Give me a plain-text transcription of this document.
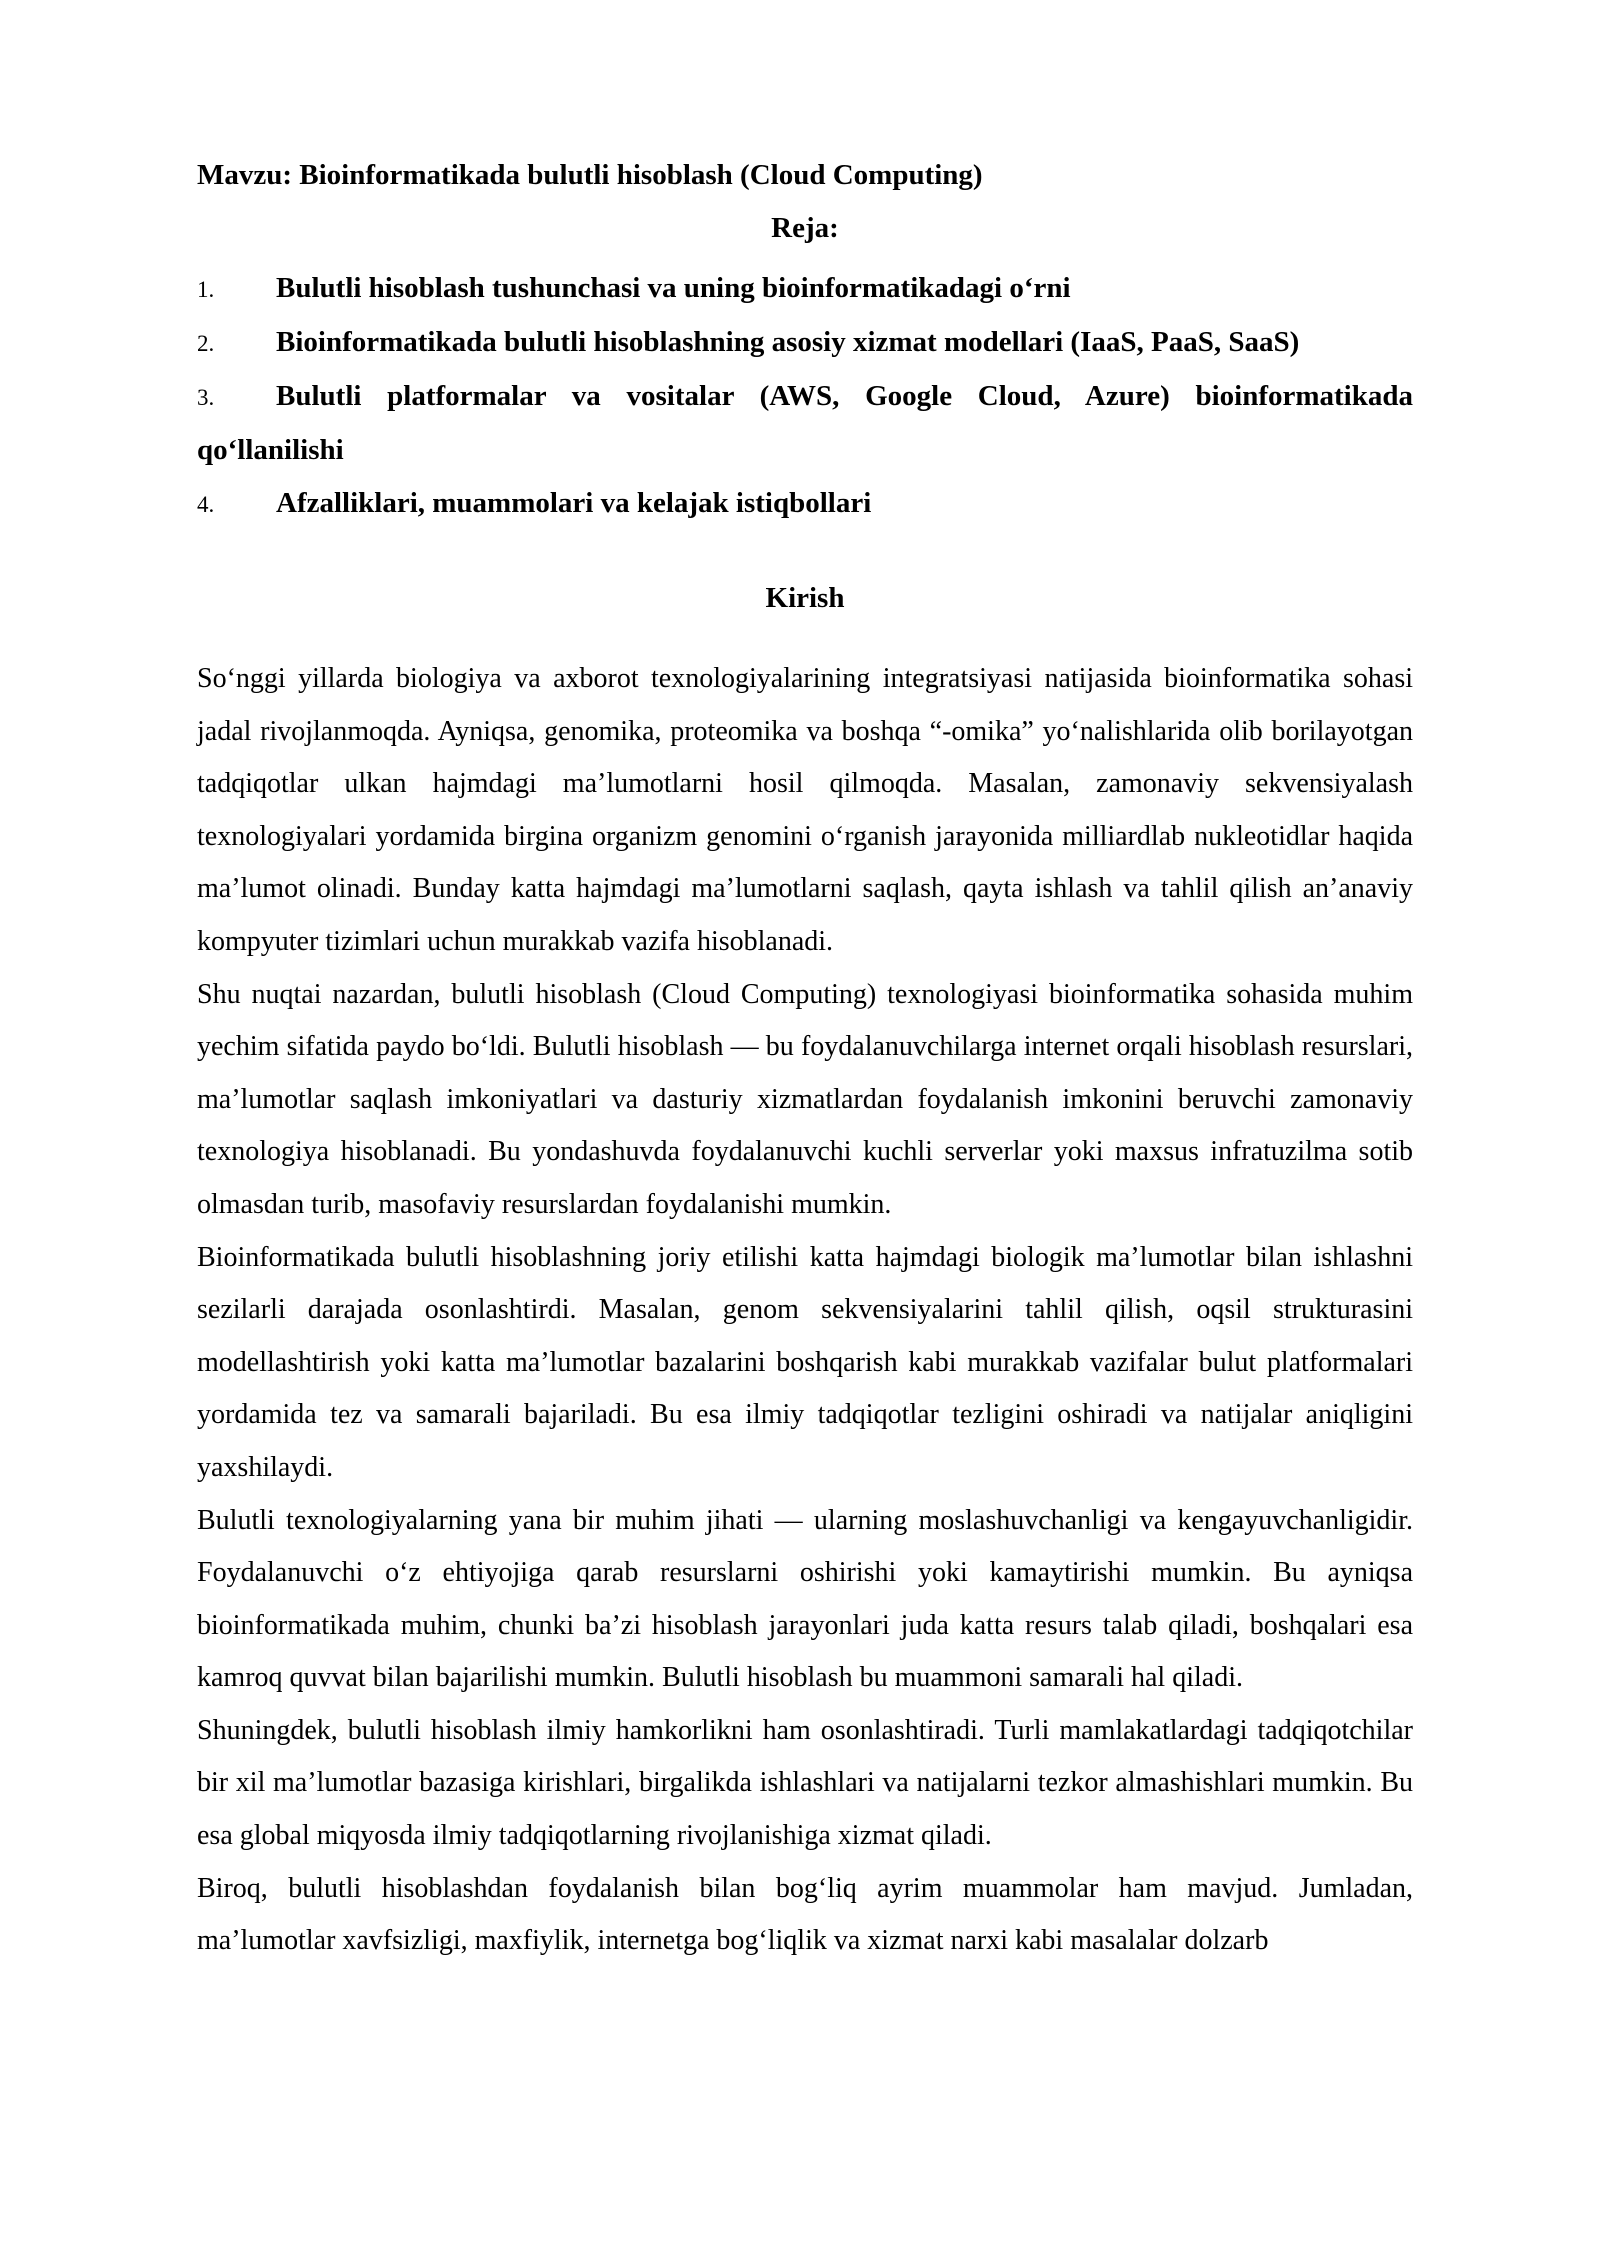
Mavzu: Bioinformatikada bulutli hisoblash (Cloud Computing)
Reja:
1. Bulutli hisoblash tushunchasi va uning bioinformatikadagi o‘rni
2. Bioinformatikada bulutli hisoblashning asosiy xizmat modellari (IaaS, PaaS, SaaS)
3. Bulutli platformalar va vositalar (AWS, Google Cloud, Azure) bioinformatikada
qo‘llanilishi
4. Afzalliklari, muammolari va kelajak istiqbollari
Kirish

So‘nggi yillarda biologiya va axborot texnologiyalarining integratsiyasi natijasida bioinformatika sohasi jadal rivojlanmoqda. Ayniqsa, genomika, proteomika va boshqa “-omika” yo‘nalishlarida olib borilayotgan tadqiqotlar ulkan hajmdagi ma’lumotlarni hosil qilmoqda. Masalan, zamonaviy sekvensiyalash texnologiyalari yordamida birgina organizm genomini o‘rganish jarayonida milliardlab nukleotidlar haqida ma’lumot olinadi. Bunday katta hajmdagi ma’lumotlarni saqlash, qayta ishlash va tahlil qilish an’anaviy kompyuter tizimlari uchun murakkab vazifa hisoblanadi.

Shu nuqtai nazardan, bulutli hisoblash (Cloud Computing) texnologiyasi bioinformatika sohasida muhim yechim sifatida paydo bo‘ldi. Bulutli hisoblash — bu foydalanuvchilarga internet orqali hisoblash resurslari, ma’lumotlar saqlash imkoniyatlari va dasturiy xizmatlardan foydalanish imkonini beruvchi zamonaviy texnologiya hisoblanadi. Bu yondashuvda foydalanuvchi kuchli serverlar yoki maxsus infratuzilma sotib olmasdan turib, masofaviy resurslardan foydalanishi mumkin.

Bioinformatikada bulutli hisoblashning joriy etilishi katta hajmdagi biologik ma’lumotlar bilan ishlashni sezilarli darajada osonlashtirdi. Masalan, genom sekvensiyalarini tahlil qilish, oqsil strukturasini modellashtirish yoki katta ma’lumotlar bazalarini boshqarish kabi murakkab vazifalar bulut platformalari yordamida tez va samarali bajariladi. Bu esa ilmiy tadqiqotlar tezligini oshiradi va natijalar aniqligini yaxshilaydi.

Bulutli texnologiyalarning yana bir muhim jihati — ularning moslashuvchanligi va kengayuvchanligidir. Foydalanuvchi o‘z ehtiyojiga qarab resurslarni oshirishi yoki kamaytirishi mumkin. Bu ayniqsa bioinformatikada muhim, chunki ba’zi hisoblash jarayonlari juda katta resurs talab qiladi, boshqalari esa kamroq quvvat bilan bajarilishi mumkin. Bulutli hisoblash bu muammoni samarali hal qiladi.

Shuningdek, bulutli hisoblash ilmiy hamkorlikni ham osonlashtiradi. Turli mamlakatlardagi tadqiqotchilar bir xil ma’lumotlar bazasiga kirishlari, birgalikda ishlashlari va natijalarni tezkor almashishlari mumkin. Bu esa global miqyosda ilmiy tadqiqotlarning rivojlanishiga xizmat qiladi.

Biroq, bulutli hisoblashdan foydalanish bilan bog‘liq ayrim muammolar ham mavjud. Jumladan, ma’lumotlar xavfsizligi, maxfiylik, internetga bog‘liqlik va xizmat narxi kabi masalalar dolzarb
